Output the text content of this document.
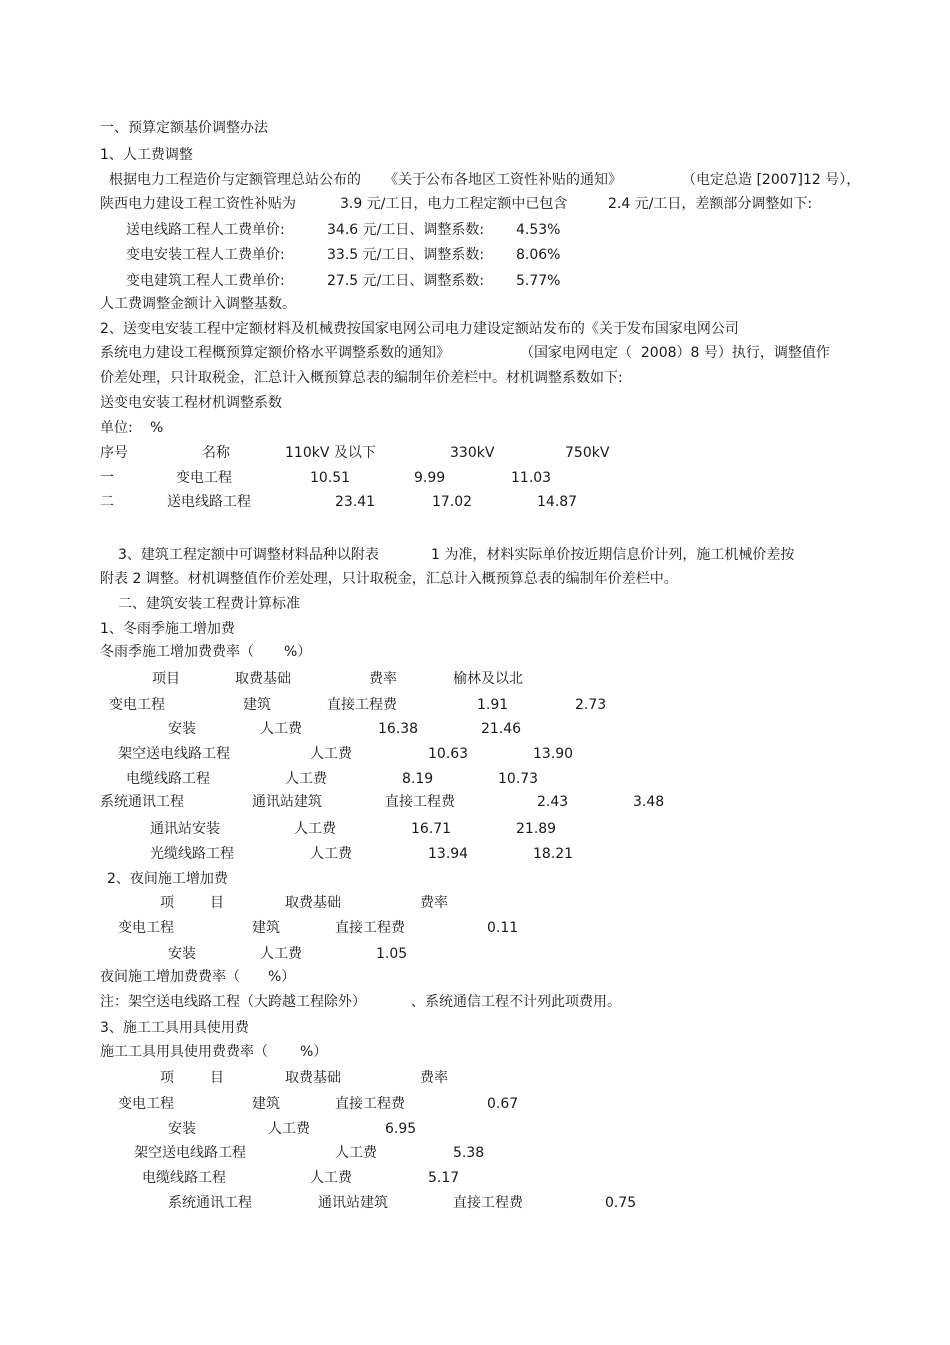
一、预算定额基价调整办法
1、人工费调整
根据电力工程造价与定额管理总站公布的 《关于公布各地区工资性补贴的通知》	（电定总造 [2007]12 号），
陕西电力建设工程工资性补贴为	3.9 元/工日，电力工程定额中已包含	2.4 元/工日，差额部分调整如下:
送电线路工程人工费单价:	34.6 元/工日、调整系数: 4.53%
变电安装工程人工费单价:	33.5 元/工日、调整系数: 8.06%
变电建筑工程人工费单价:	27.5 元/工日、调整系数: 5.77%
人工费调整金额计入调整基数。
2、送变电安装工程中定额材料及机械费按国家电网公司电力建设定额站发布的《关于发布国家电网公司
系统电力建设工程概预算定额价格水平调整系数的通知》	（国家电网电定（  2008）8 号）执行，调整值作
价差处理，只计取税金，汇总计入概预算总表的编制年价差栏中。材机调整系数如下:
送变电安装工程材机调整系数
单位: %
序号	名称	110kV 及以下	330kV	750kV
一	变电工程	10.51	9.99	11.03
二	送电线路工程	23.41	17.02	14.87
3、建筑工程定额中可调整材料品种以附表	1 为准，材料实际单价按近期信息价计列，施工机械价差按
附表 2 调整。材机调整值作价差处理，只计取税金，汇总计入概预算总表的编制年价差栏中。
二、建筑安装工程费计算标准
1、冬雨季施工增加费
冬雨季施工增加费费率（ %）
项目	取费基础	费率	榆林及以北
变电工程	建筑	直接工程费	1.91	2.73
安装	人工费	16.38	21.46
架空送电线路工程	人工费	10.63	13.90
电缆线路工程	人工费	8.19	10.73
系统通讯工程	通讯站建筑	直接工程费	2.43	3.48
通讯站安装	人工费	16.71	21.89
光缆线路工程	人工费	13.94	18.21
2、夜间施工增加费
项	目	取费基础	费率
变电工程	建筑	直接工程费	0.11
安装	人工费	1.05
夜间施工增加费费率（ %）
注：架空送电线路工程（大跨越工程除外）	、系统通信工程不计列此项费用。
3、施工工具用具使用费
施工工具用具使用费费率（ %）
项	目	取费基础	费率
变电工程	建筑	直接工程费	0.67
安装	人工费	6.95
架空送电线路工程	人工费	5.38
电缆线路工程	人工费	5.17
系统通讯工程	通讯站建筑	直接工程费	0.75
